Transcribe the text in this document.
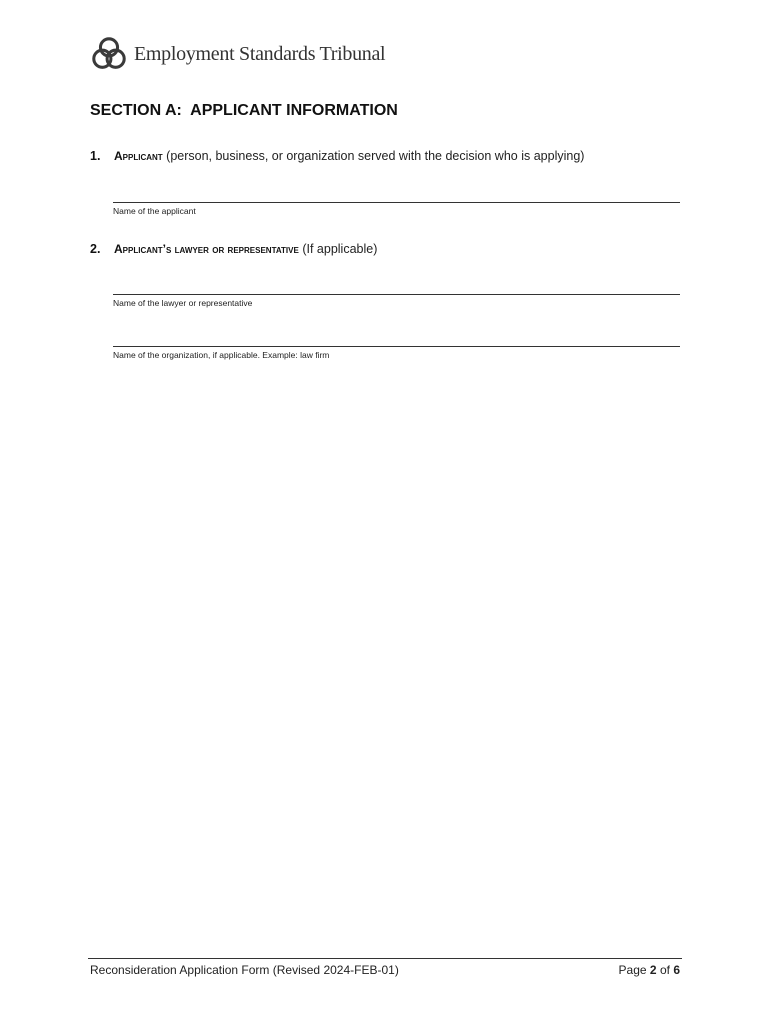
Employment Standards Tribunal
SECTION A:  APPLICANT INFORMATION
1. Applicant (person, business, or organization served with the decision who is applying)
Name of the applicant
2. Applicant’s lawyer or representative (If applicable)
Name of the lawyer or representative
Name of the organization, if applicable. Example: law firm
Reconsideration Application Form (Revised 2024-FEB-01)	Page 2 of 6
